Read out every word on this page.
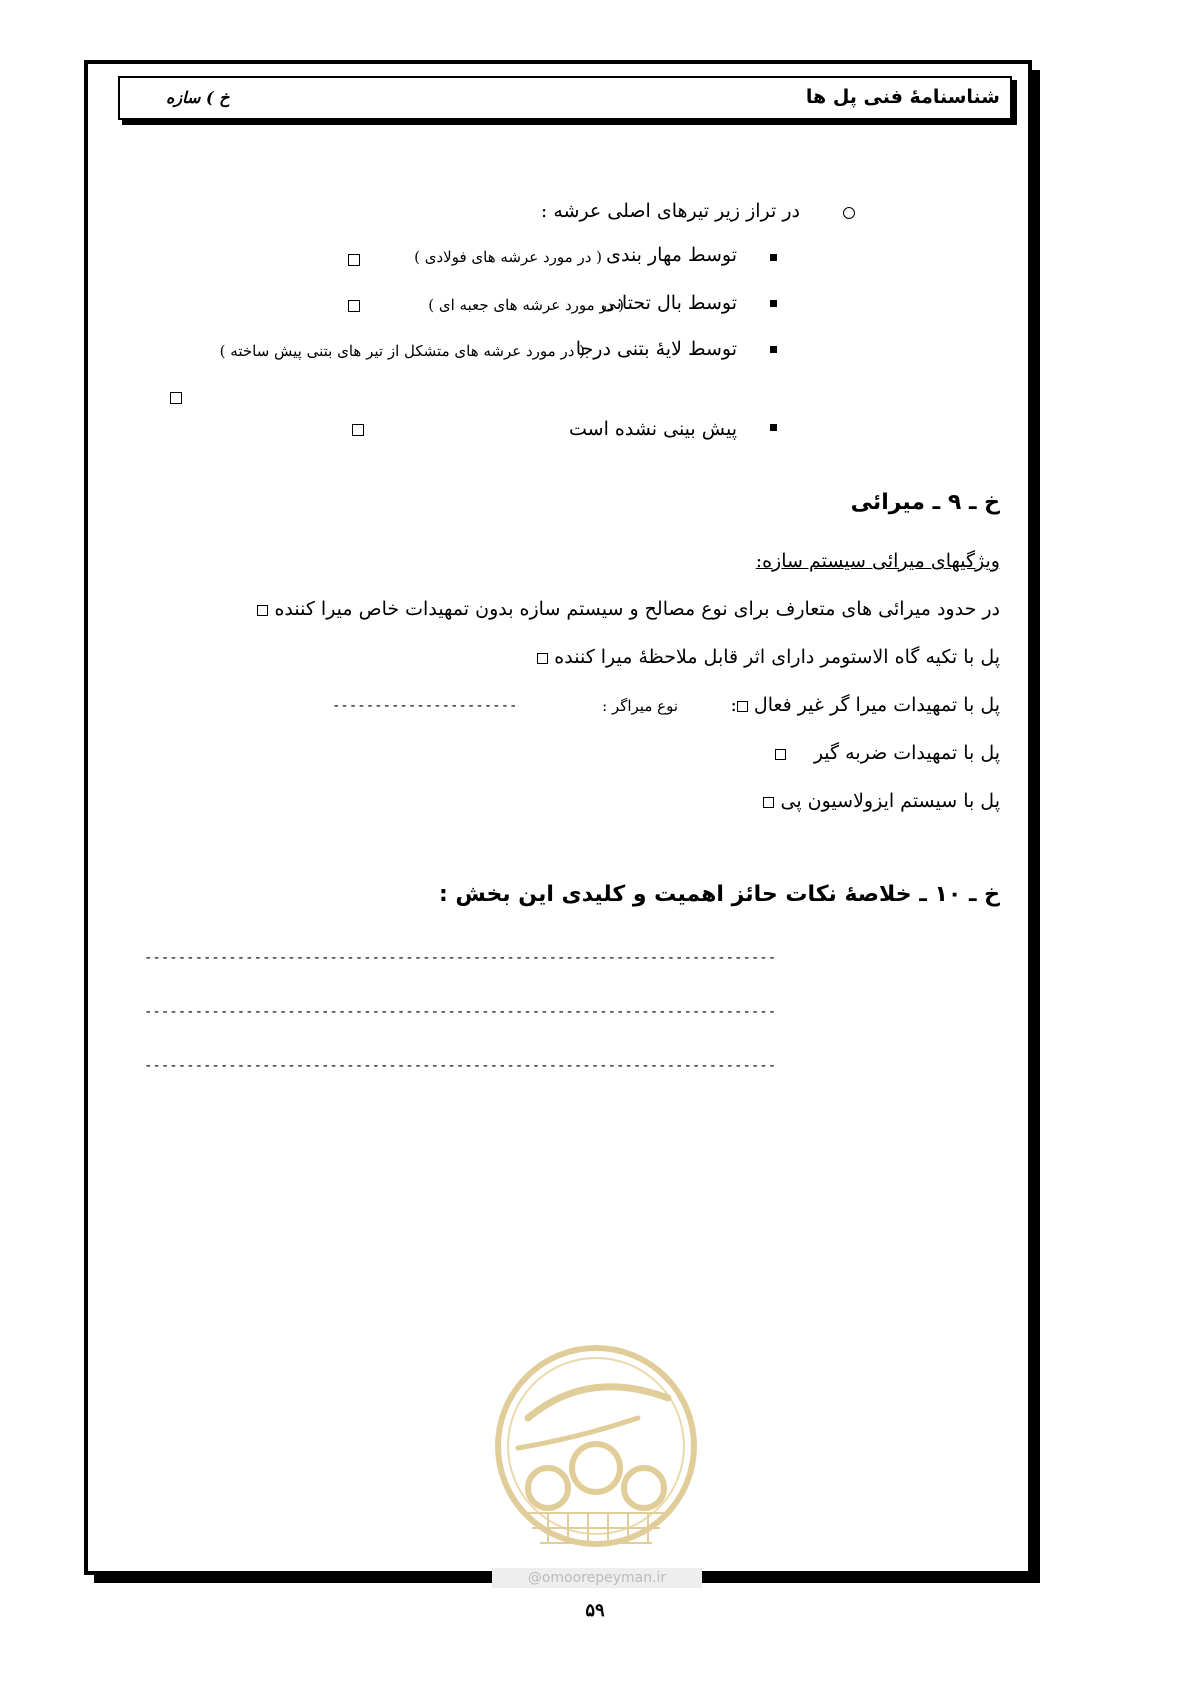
شناسنامۀ فنی پل ها
خ ) سازه
در تراز زیر تیرهای اصلی عرشه :
توسط مهار بندی
( در مورد عرشه های فولادی )
توسط بال تحتانی
( در مورد عرشه های جعبه ای )
توسط لایۀ بتنی درجا
( در مورد عرشه های متشکل از تیر های بتنی پیش ساخته )
پیش بینی نشده است
خ ـ ۹ ـ میرائی
ویژگیهای میرائی سیستم سازه:
در حدود میرائی های متعارف برای نوع مصالح و سیستم سازه بدون تمهیدات خاص میرا کننده
پل با تکیه گاه الاستومر دارای اثر قابل ملاحظۀ میرا کننده
پل با تمهیدات میرا گر غیر فعال :
نوع میراگر :
----------------------
پل با تمهیدات ضربه گیر
پل با سیستم ایزولاسیون پی
خ ـ ۱۰ ـ خلاصۀ نکات حائز اهمیت و کلیدی این بخش :
---------------------------------------------------------------------------
---------------------------------------------------------------------------
---------------------------------------------------------------------------
@omoorepeyman.ir
۵۹
